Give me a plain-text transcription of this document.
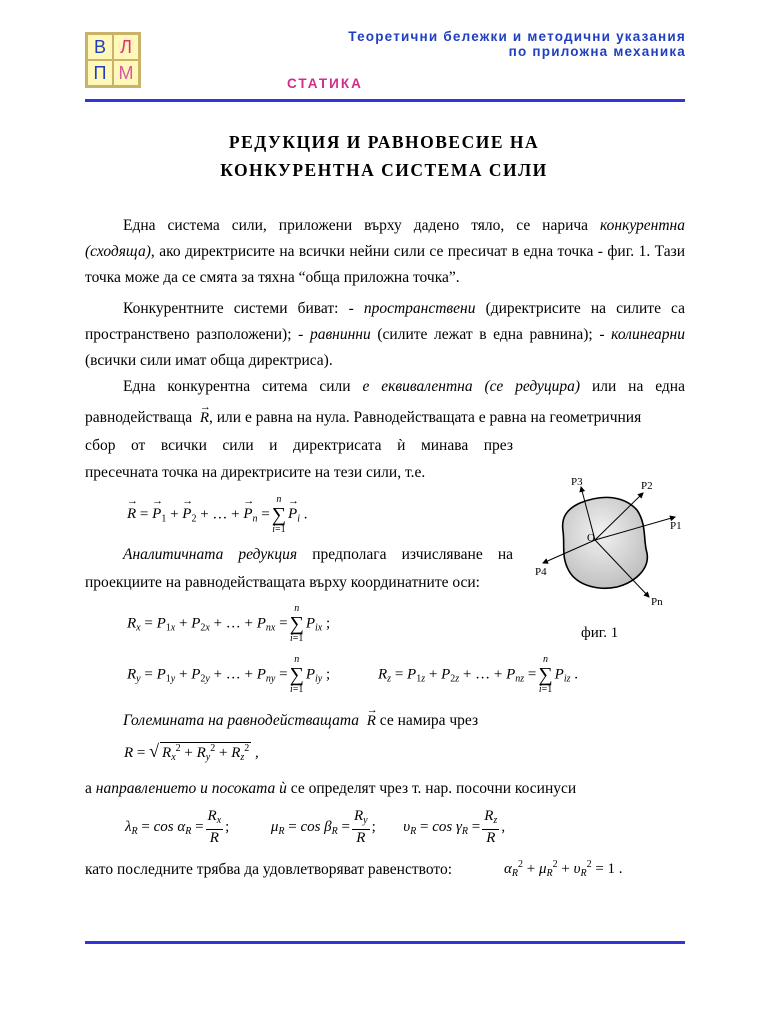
В Л
П М
Теоретични бележки и методични указания
по приложна механика
СТАТИКА
РЕДУКЦИЯ И РАВНОВЕСИЕ НА
КОНКУРЕНТНА СИСТЕМА СИЛИ
Една система сили, приложени върху дадено тяло, се нарича конкурентна (сходяща), ако директрисите на всички нейни сили се пресичат в една точка - фиг. 1. Тази точка може да се смята за тяхна “обща приложна точка”.
Конкурентните системи биват: - пространствени (директрисите на силите са пространствено разположени); - равнинни (силите лежат в една равнина); - колинеарни (всички сили имат обща директриса).
Една конкурентна ситема сили е еквивалентна (се редуцира) или на една
равнодействаща → R, или е равна на нула. Равнодействащата е равна на геометричния
сбор от всички сили и директрисата ѝ минава през
пресечната точка на директрисите на тези сили, т.е.
→ R = → $P_1$ + → $P_2$ + … + → $P_n$ =
n
∑
i=1
→ $P_i$ .
P3	P2
P1
O
P4
Pn
фиг. 1
Аналитичната редукция предполага изчисляване на
проекциите на равнодействащата върху координатните оси:
$R_x = P_{1x} + P_{2x}$ + … + $P_{nx}$ =
n
∑
i=1
$P_{ix}$ ;
$R_y = P_{1y} + P_{2y}$ + … + $P_{ny}$ =
n
∑
i=1
$P_{iy}$ ;	$R_z = P_{1z} + P_{2z}$ + … + $P_{nz}$ =
n
∑
i=1
$P_{iz}$ .
Големината на равнодействащата → R се намира чрез
R = √ $R_x^2 + R_y^2 + R_z^2$ ,
а направлението и посоката ѝ се определят чрез т. нар. посочни косинуси
$\lambda_R = \cos \alpha_R = \frac{R_x}{R}$ ;	$\mu_R = \cos \beta_R = \frac{R_y}{R}$ ;  $\upsilon_R = \cos \gamma_R = \frac{R_z}{R}$ ,
като последните трябва да удовлетворяват равенството:	$\alpha_R^2 + \mu_R^2 + \upsilon_R^2 = 1$ .
